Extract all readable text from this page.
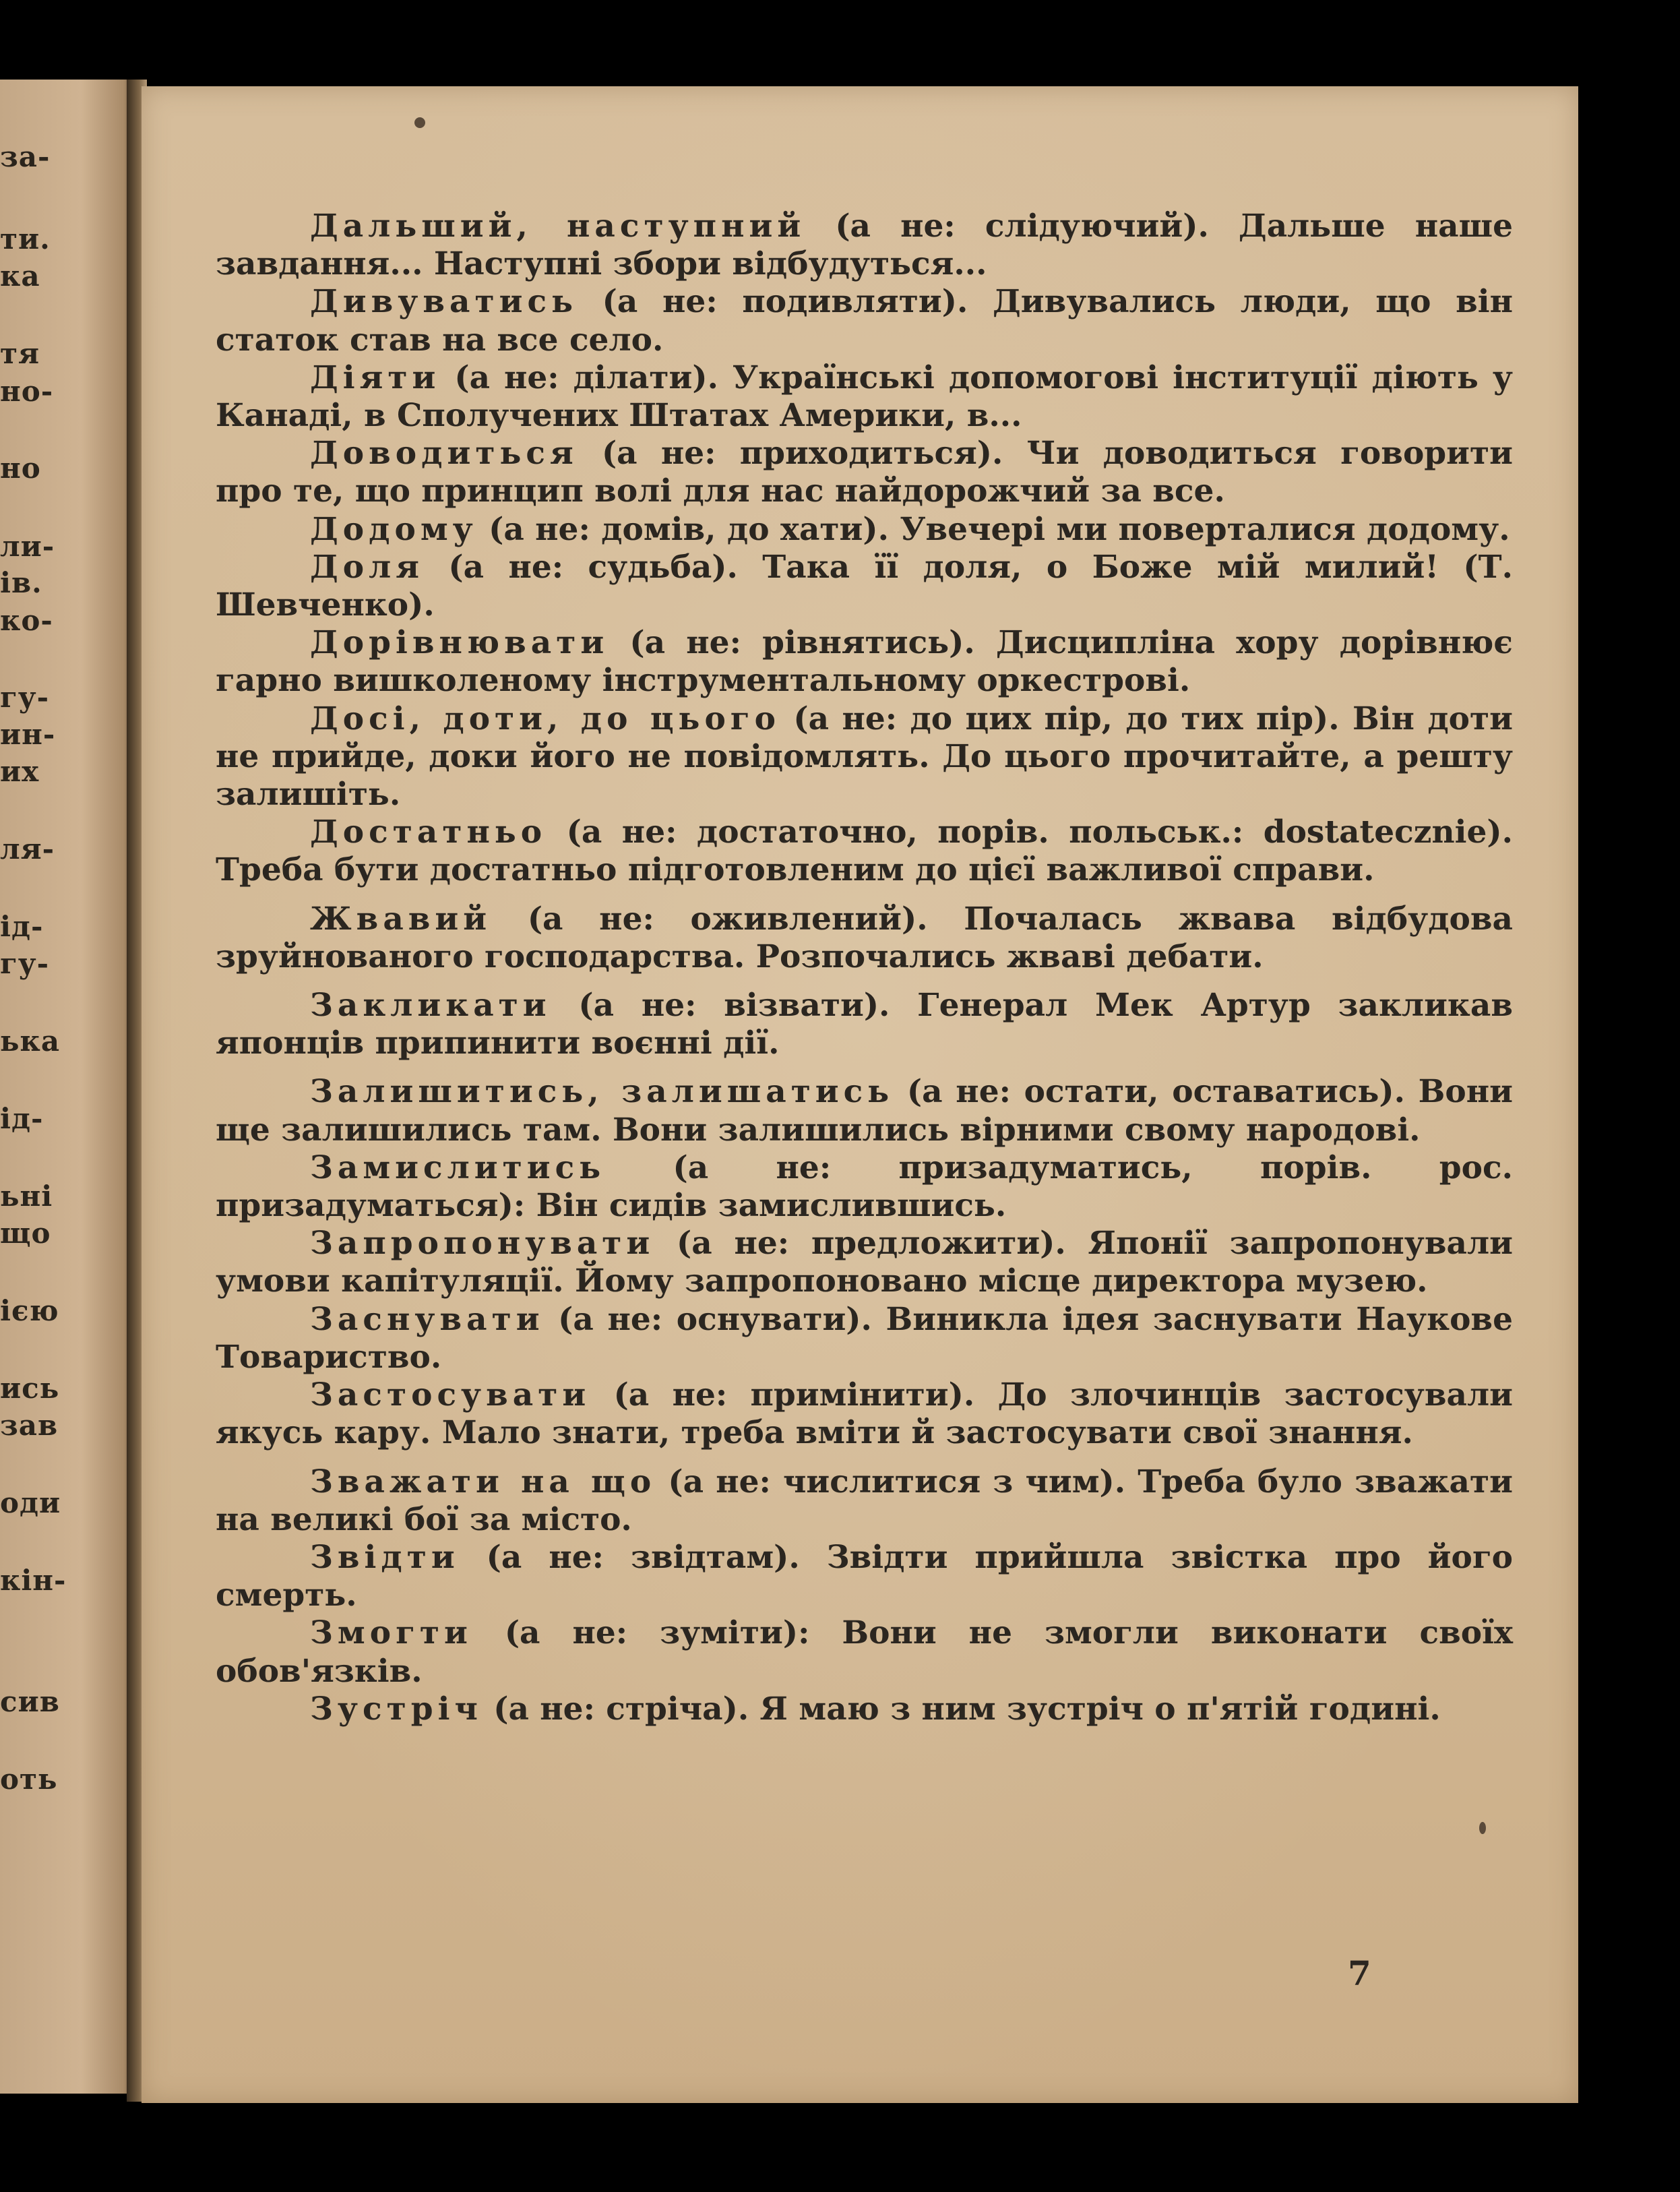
за-
ти.
ка
тя
но-
но
ли-
ів.
ко-
гу-
ин-
их
ля-
ід-
гу-
ька
ід-
ьні
що
ією
ись
зав
оди
кін-
сив
оть

Дальший, наступний (а не: слідуючий). Дальше наше завдання... Наступні збори відбудуться...

Дивуватись (а не: подивляти). Дивувались люди, що він статок став на все село.

Діяти (а не: ділати). Українські допомогові інституції діють у Канаді, в Сполучених Штатах Америки, в...

Доводиться (а не: приходиться). Чи доводиться говорити про те, що принцип волі для нас найдорожчий за все.

Додому (а не: домів, до хати). Увечері ми поверталися додому.

Доля (а не: судьба). Така її доля, о Боже мій милий! (Т. Шевченко).

Дорівнювати (а не: рівнятись). Дисципліна хору дорівнює гарно вишколеному інструментальному оркестрові.

Досі, доти, до цього (а не: до цих пір, до тих пір). Він доти не прийде, доки його не повідомлять. До цього прочитайте, а решту залишіть.

Достатньо (а не: достаточно, порів. польськ.: dostatecznie). Треба бути достатньо підготовленим до цієї важливої справи.

Жвавий (а не: оживлений). Почалась жвава відбудова зруйнованого господарства. Розпочались жваві дебати.

Закликати (а не: візвати). Генерал Мек Артур закликав японців припинити воєнні дії.

Залишитись, залишатись (а не: остати, оставатись). Вони ще залишились там. Вони залишились вірними свому народові.

Замислитись (а не: призадуматись, порів. рос. призадуматься): Він сидів замислившись.

Запропонувати (а не: предложити). Японії запропонували умови капітуляції. Йому запропоновано місце директора музею.

Заснувати (а не: оснувати). Виникла ідея заснувати Наукове Товариство.

Застосувати (а не: примінити). До злочинців застосували якусь кару. Мало знати, треба вміти й застосувати свої знання.

Зважати на що (а не: числитися з чим). Треба було зважати на великі бої за місто.

Звідти (а не: звідтам). Звідти прийшла звістка про його смерть.

Змогти (а не: зуміти): Вони не змогли виконати своїх обов'язків.

Зустріч (а не: стріча). Я маю з ним зустріч о п'ятій годині.

7
